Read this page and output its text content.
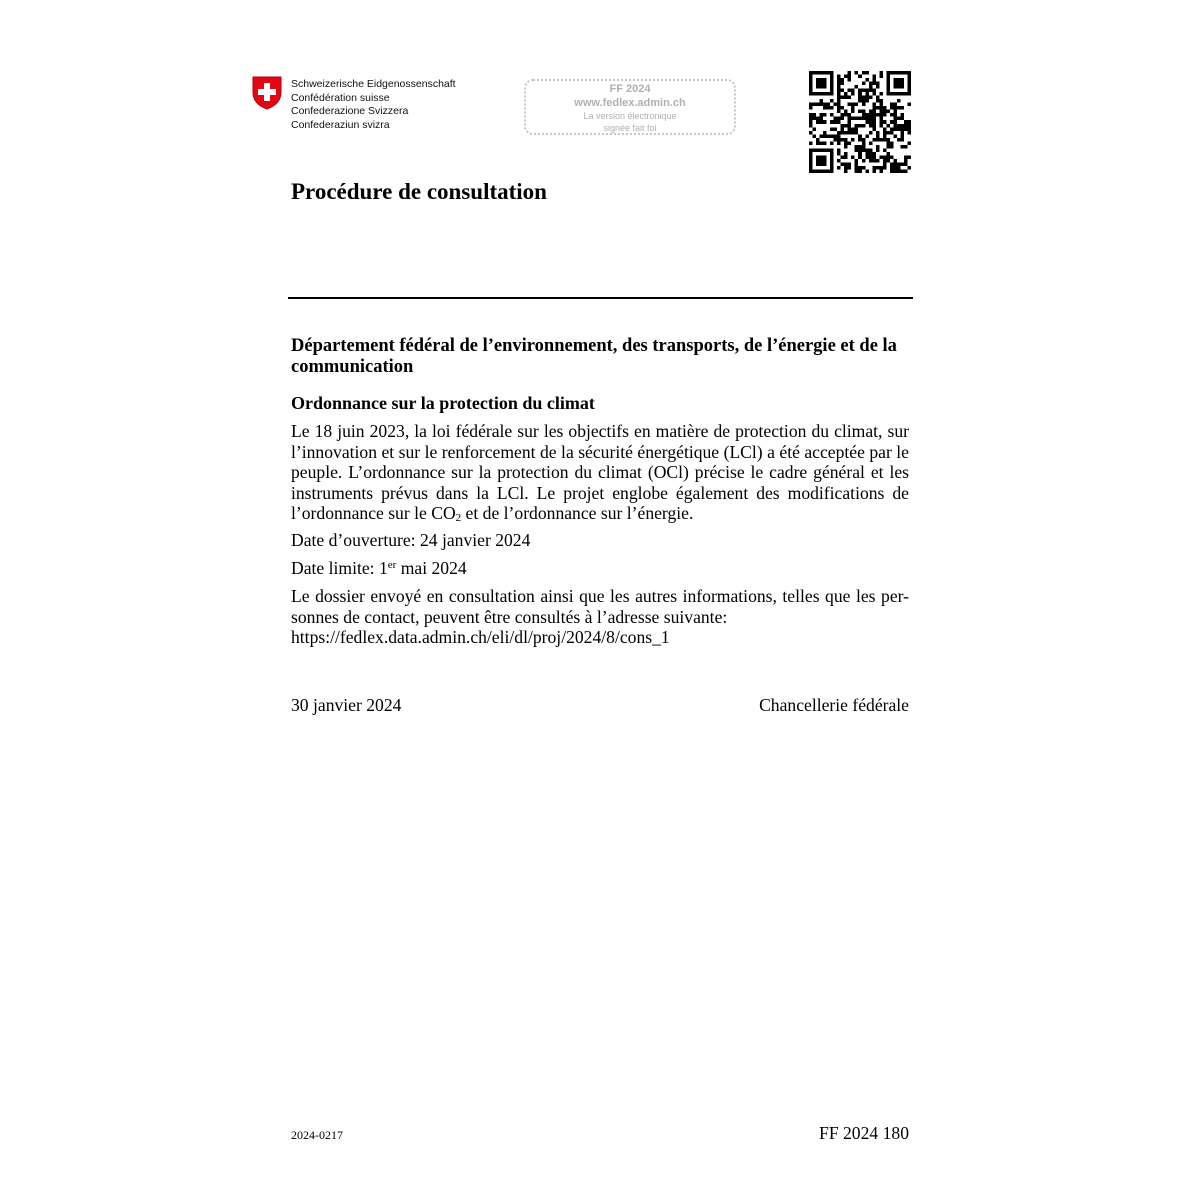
Schweizerische Eidgenossenschaft
Confédération suisse
Confederazione Svizzera
Confederaziun svizra
FF 2024
www.fedlex.admin.ch
La version électronique
signée fait foi
Procédure de consultation
Département fédéral de l’environnement, des transports, de l’énergie et de la communication
Ordonnance sur la protection du climat
Le 18 juin 2023, la loi fédérale sur les objectifs en matière de protection du climat, sur l’innovation et sur le renforcement de la sécurité énergétique (LCl) a été acceptée par le peuple. L’ordonnance sur la protection du climat (OCl) précise le cadre général et les instruments prévus dans la LCl. Le projet englobe également des modifications de l’ordonnance sur le $CO_2$ et de l’ordonnance sur l’énergie.
Date d’ouverture: 24 janvier 2024
Date limite: 1er mai 2024
Le dossier envoyé en consultation ainsi que les autres informations, telles que les per-
sonnes de contact, peuvent être consultés à l’adresse suivante:
https://fedlex.data.admin.ch/eli/dl/proj/2024/8/cons_1
30 janvier 2024	Chancellerie fédérale
2024-0217	FF 2024 180
